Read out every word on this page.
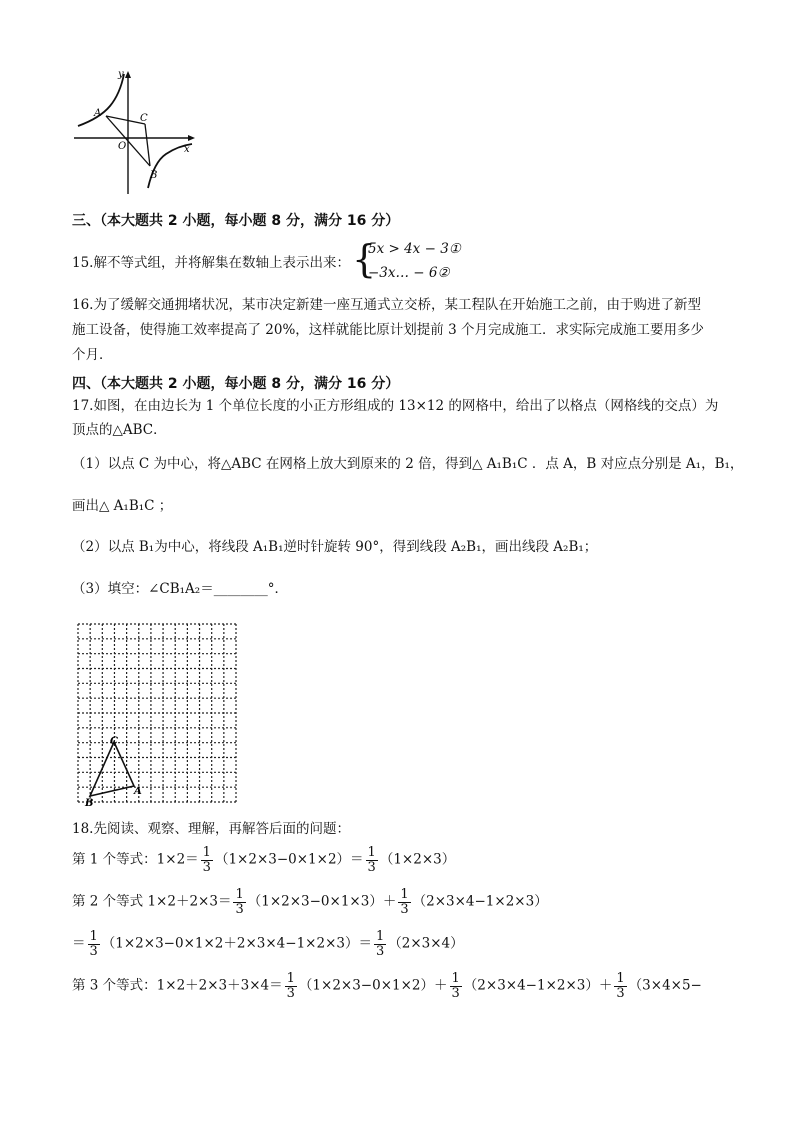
y
x
A	C
O
B
三、（本大题共 2 小题，每小题 8 分，满分 16 分）
15.解不等式组，并将解集在数轴上表示出来： {
5x > 4x − 3①
−3x… − 6②
16.为了缓解交通拥堵状况，某市决定新建一座互通式立交桥，某工程队在开始施工之前，由于购进了新型
施工设备，使得施工效率提高了 20%，这样就能比原计划提前 3 个月完成施工．求实际完成施工要用多少
个月．
四、（本大题共 2 小题，每小题 8 分，满分 16 分）
17.如图，在由边长为 1 个单位长度的小正方形组成的 13×12 的网格中，给出了以格点（网格线的交点）为
顶点的△ABC．
（1）以点 C 为中心，将△ABC 在网格上放大到原来的 2 倍，得到△ A₁B₁C ．点 A，B 对应点分别是 A₁，B₁，
画出△ A₁B₁C ；
（2）以点 B₁为中心，将线段 A₁B₁逆时针旋转 90°，得到线段 A₂B₁，画出线段 A₂B₁；
（3）填空：∠CB₁A₂＝________°．
C
B
A
18.先阅读、观察、理解，再解答后面的问题：
第 1 个等式：$1\times 2= \frac{1}{3} (1\times 2\times 3-0\times 1\times 2)= \frac{1}{3} (1\times 2\times 3)$
第 2 个等式 $1\times 2+2\times 3= \frac{1}{3} (1\times 2\times 3-0\times 1\times 3)+ \frac{1}{3} (2\times 3\times 4-1\times 2\times 3)$
＝ $\frac{1}{3} (1\times 2\times 3-0\times 1\times 2+2\times 3\times 4-1\times 2\times 3)= \frac{1}{3} (2\times 3\times 4)$
第 3 个等式：$1\times 2+2\times 3+3\times 4= \frac{1}{3} (1\times 2\times 3-0\times 1\times 2)+ \frac{1}{3} (2\times 3\times 4-1\times 2\times 3)+ \frac{1}{3} (3\times 4\times 5-$
